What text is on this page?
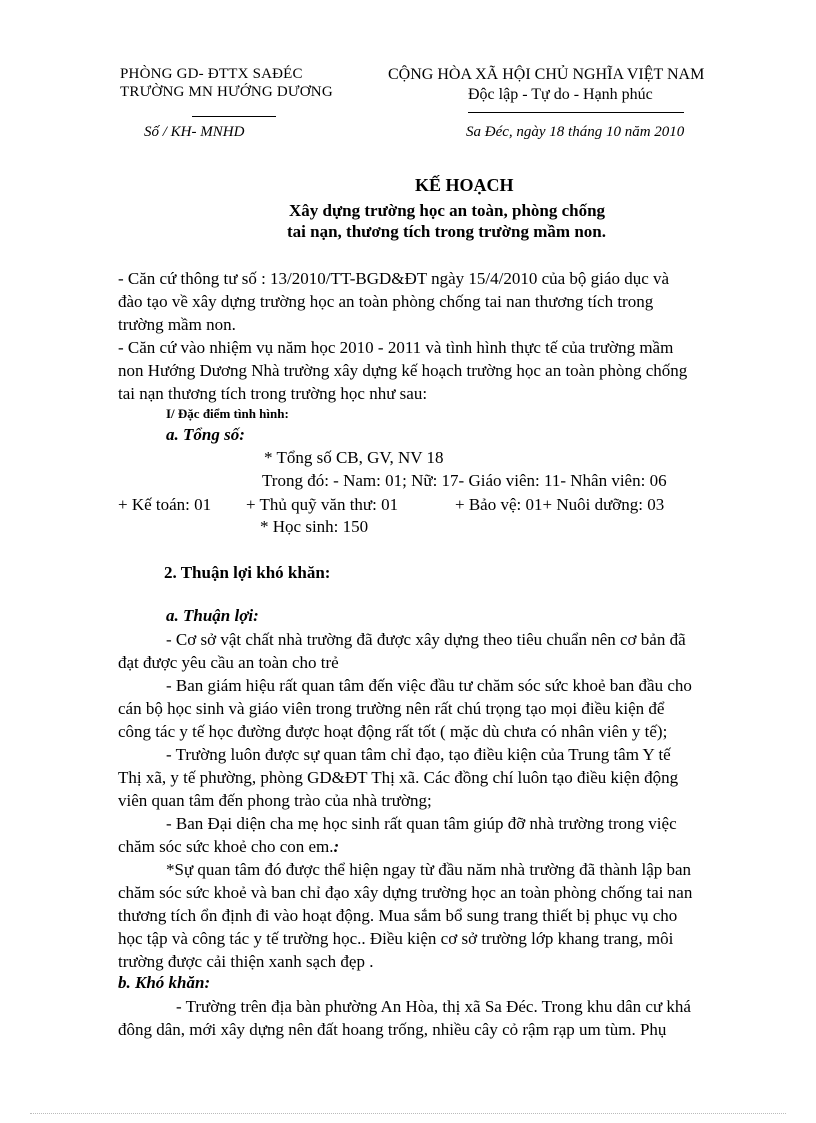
PHÒNG GD- ĐTTX SAĐÉC
TRƯỜNG MN HƯỚNG DƯƠNG
Số / KH- MNHD
CỘNG HÒA XÃ HỘI CHỦ NGHĨA VIỆT NAM
Độc lập - Tự do - Hạnh phúc
Sa Đéc, ngày 18 tháng 10 năm 2010
KẾ HOẠCH
Xây dựng trường học an toàn, phòng chống
tai nạn, thương tích trong trường mầm non.
- Căn cứ thông tư số : 13/2010/TT-BGD&ĐT ngày 15/4/2010 của bộ giáo dục và
đào tạo về xây dựng trường học an toàn phòng chống tai nan thương tích trong
trường mầm non.
- Căn cứ vào nhiệm vụ năm học 2010 - 2011 và tình hình thực tế của trường mầm
non Hướng Dương Nhà trường xây dựng kế hoạch trường học an toàn phòng chống
tai nạn thương tích trong trường học như sau:
I/ Đặc điểm tình hình:
a. Tổng số:
* Tổng số CB, GV, NV 18
Trong đó: - Nam: 01; Nữ: 17- Giáo viên: 11- Nhân viên: 06
+ Kế toán: 01 + Thủ quỹ văn thư: 01	+ Bảo vệ: 01+ Nuôi dưỡng: 03
* Học sinh: 150
2. Thuận lợi khó khăn:
a. Thuận lợi:
- Cơ sở vật chất nhà trường đã được xây dựng theo tiêu chuẩn nên cơ bản đã
đạt được yêu cầu an toàn cho trẻ
- Ban giám hiệu rất quan tâm đến việc đầu tư chăm sóc sức khoẻ ban đầu cho
cán bộ học sinh và giáo viên trong trường nên rất chú trọng tạo mọi điều kiện để
công tác y tế học đường được hoạt động rất tốt ( mặc dù chưa có nhân viên y tế);
- Trường luôn được sự quan tâm chỉ đạo, tạo điều kiện của Trung tâm Y tế
Thị xã, y tế phường, phòng GD&ĐT Thị xã. Các đồng chí luôn tạo điều kiện động
viên quan tâm đến phong trào của nhà trường;
- Ban Đại diện cha mẹ học sinh rất quan tâm giúp đỡ nhà trường trong việc
chăm sóc sức khoẻ cho con em.:
*Sự quan tâm đó được thể hiện ngay từ đầu năm nhà trường đã thành lập ban
chăm sóc sức khoẻ và ban chỉ đạo xây dựng trường học an toàn phòng chống tai nan
thương tích ổn định đi vào hoạt động. Mua sắm bổ sung trang thiết bị phục vụ cho
học tập và công tác y tế trường học.. Điều kiện cơ sở trường lớp khang trang, môi
trường được cải thiện xanh sạch đẹp .
b. Khó khăn:
- Trường trên địa bàn phường An Hòa, thị xã Sa Đéc. Trong khu dân cư khá
đông dân, mới xây dựng nên đất hoang trống, nhiều cây cỏ rậm rạp um tùm. Phụ
